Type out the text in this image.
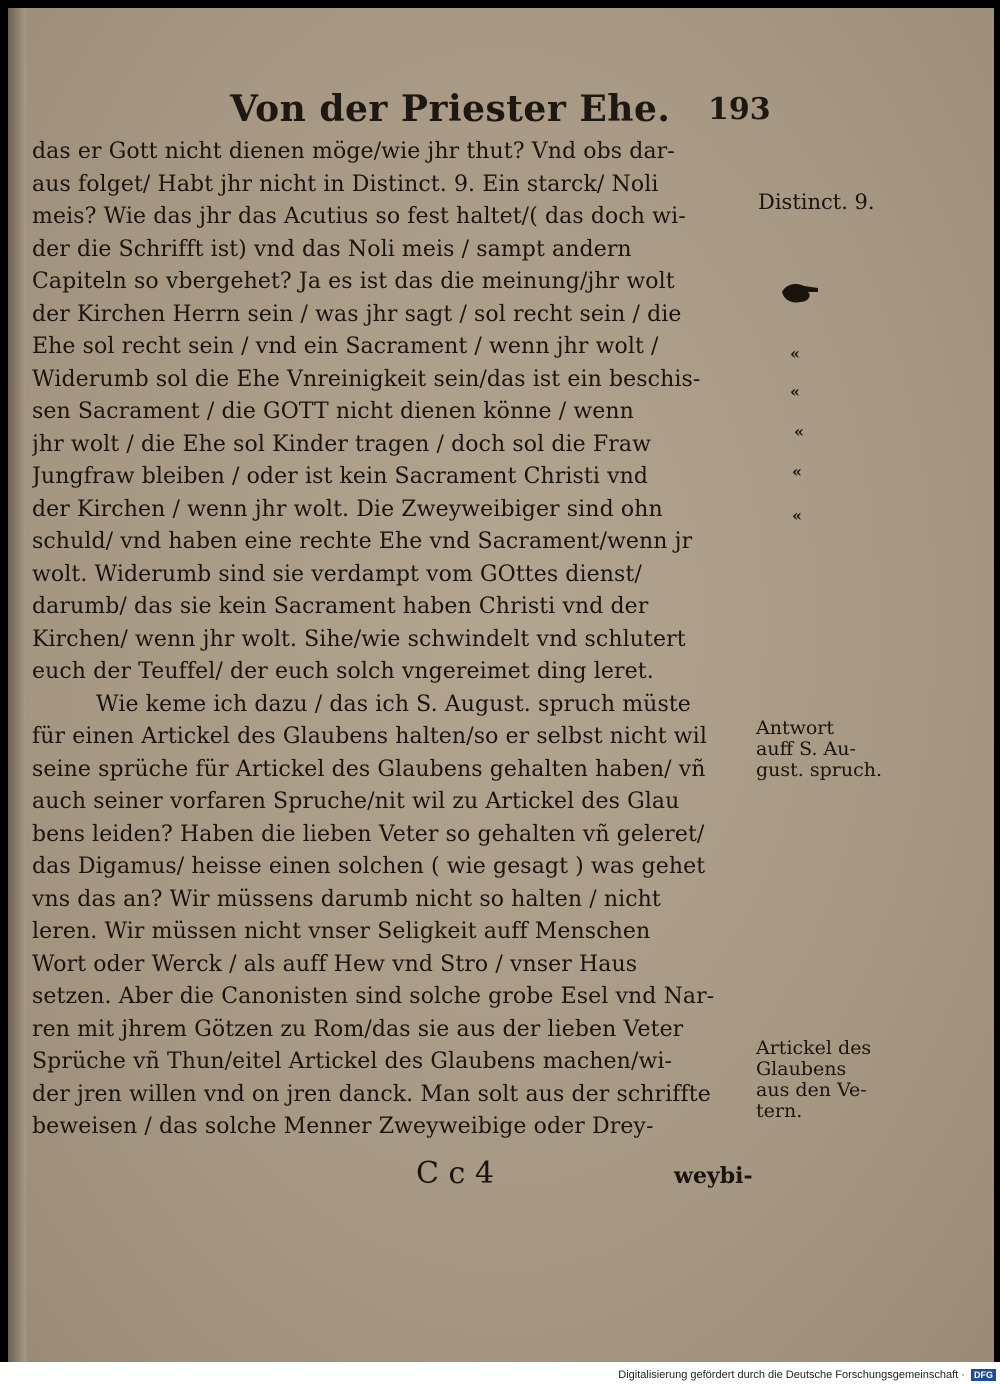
Von der Priester Ehe. 193
das er Gott nicht dienen möge/wie jhr thut? Vnd obs dar-
aus folget/ Habt jhr nicht in Distinct. 9. Ein starck/ Noli
meis? Wie das jhr das Acutius so fest haltet/( das doch wi-
der die Schrifft ist) vnd das Noli meis / sampt andern
Capiteln so vbergehet? Ja es ist das die meinung/jhr wolt
der Kirchen Herrn sein / was jhr sagt / sol recht sein / die
Ehe sol recht sein / vnd ein Sacrament / wenn jhr wolt /
Widerumb sol die Ehe Vnreinigkeit sein/das ist ein beschis-
sen Sacrament / die GOTT nicht dienen könne / wenn
jhr wolt / die Ehe sol Kinder tragen / doch sol die Fraw
Jungfraw bleiben / oder ist kein Sacrament Christi vnd
der Kirchen / wenn jhr wolt. Die Zweyweibiger sind ohn
schuld/ vnd haben eine rechte Ehe vnd Sacrament/wenn jr
wolt. Widerumb sind sie verdampt vom GOttes dienst/
darumb/ das sie kein Sacrament haben Christi vnd der
Kirchen/ wenn jhr wolt. Sihe/wie schwindelt vnd schlutert
euch der Teuffel/ der euch solch vngereimet ding leret.
Wie keme ich dazu / das ich S. August. spruch müste
für einen Artickel des Glaubens halten/so er selbst nicht wil
seine sprüche für Artickel des Glaubens gehalten haben/ vñ
auch seiner vorfaren Spruche/nit wil zu Artickel des Glau
bens leiden? Haben die lieben Veter so gehalten vñ geleret/
das Digamus/ heisse einen solchen ( wie gesagt ) was gehet
vns das an? Wir müssens darumb nicht so halten / nicht
leren. Wir müssen nicht vnser Seligkeit auff Menschen
Wort oder Werck / als auff Hew vnd Stro / vnser Haus
setzen. Aber die Canonisten sind solche grobe Esel vnd Nar-
ren mit jhrem Götzen zu Rom/das sie aus der lieben Veter
Sprüche vñ Thun/eitel Artickel des Glaubens machen/wi-
der jren willen vnd on jren danck. Man solt aus der schriffte
beweisen / das solche Menner Zweyweibige oder Drey-
Distinct. 9.
«
«
«
«
«
Antwort
auff S. Au-
gust. spruch.
Artickel des
Glaubens
aus den Ve-
tern.
C c 4	weybi-
Digitalisierung gefördert durch die Deutsche Forschungsgemeinschaft · DFG
